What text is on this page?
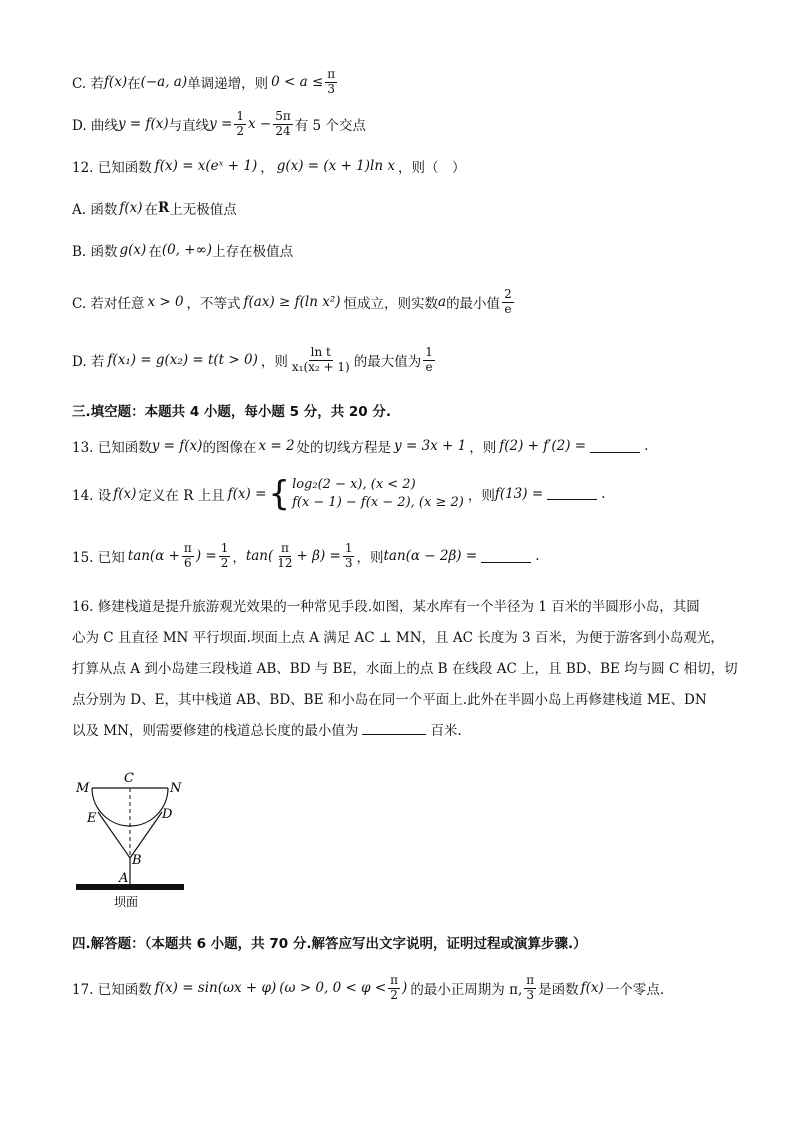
C. 若 f(x) 在 (−a, a) 单调递增，则 $0 < a \le \frac{\pi}{3}$
D. 曲线 y = f(x) 与直线 $y = \frac{1}{2}$ $x - \frac{5\pi}{24}$ 有 5 个交点
12. 已知函数 f(x) = x(eˣ + 1) ， g(x) = (x + 1)ln x ，则（　）
A. 函数 f(x) 在 R 上无极值点
B. 函数 g(x) 在 (0, +∞) 上存在极值点
C. 若对任意 x > 0 ，不等式 f(ax) ≥ f(ln x²) 恒成立，则实数 a 的最小值 $\frac{2}{e}$
D. 若 f(x₁) = g(x₂) = t(t > 0) ，则 $\frac{\text{ln t}}{\text{x₁(x₂ + 1)}}$ 的最大值为 $\frac{1}{e}$
三.填空题：本题共 4 小题，每小题 5 分，共 20 分.
13. 已知函数 y = f(x) 的图像在 x = 2 处的切线方程是 y = 3x + 1 ，则 f(2) + f′(2) =	.
14. 设 f(x) 定义在 R 上且 f(x) = { log₂(2 − x), (x < 2)
f(x − 1) − f(x − 2), (x ≥ 2) ，则 f(13) =	.
15. 已知 $\tan(\alpha + \frac{\pi}{6}$ ) = $\frac{1}{2}$ ， $\tan( \frac{\pi}{12} + \beta) = \frac{1}{3}$ ，则 tan(α − 2β) =	.
16. 修建栈道是提升旅游观光效果的一种常见手段.如图，某水库有一个半径为 1 百米的半圆形小岛，其圆
心为 C 且直径 MN 平行坝面.坝面上点 A 满足 AC ⊥ MN，且 AC 长度为 3 百米，为便于游客到小岛观光，
打算从点 A 到小岛建三段栈道 AB、BD 与 BE，水面上的点 B 在线段 AC 上，且 BD、BE 均与圆 C 相切，切
点分别为 D、E，其中栈道 AB、BD、BE 和小岛在同一个平面上.此外在半圆小岛上再修建栈道 ME、DN
以及 MN，则需要修建的栈道总长度的最小值为	百米.
M
C
N
E	D
B
A
坝面
四.解答题：（本题共 6 小题，共 70 分.解答应写出文字说明，证明过程或演算步骤.）
17. 已知函数 f(x) = sin(ωx + φ) (ω > 0, $0 < \varphi < \frac{\pi}{2}$ ) 的最小正周期为 π, $\frac{\pi}{3}$ 是函数 f(x) 一个零点.
